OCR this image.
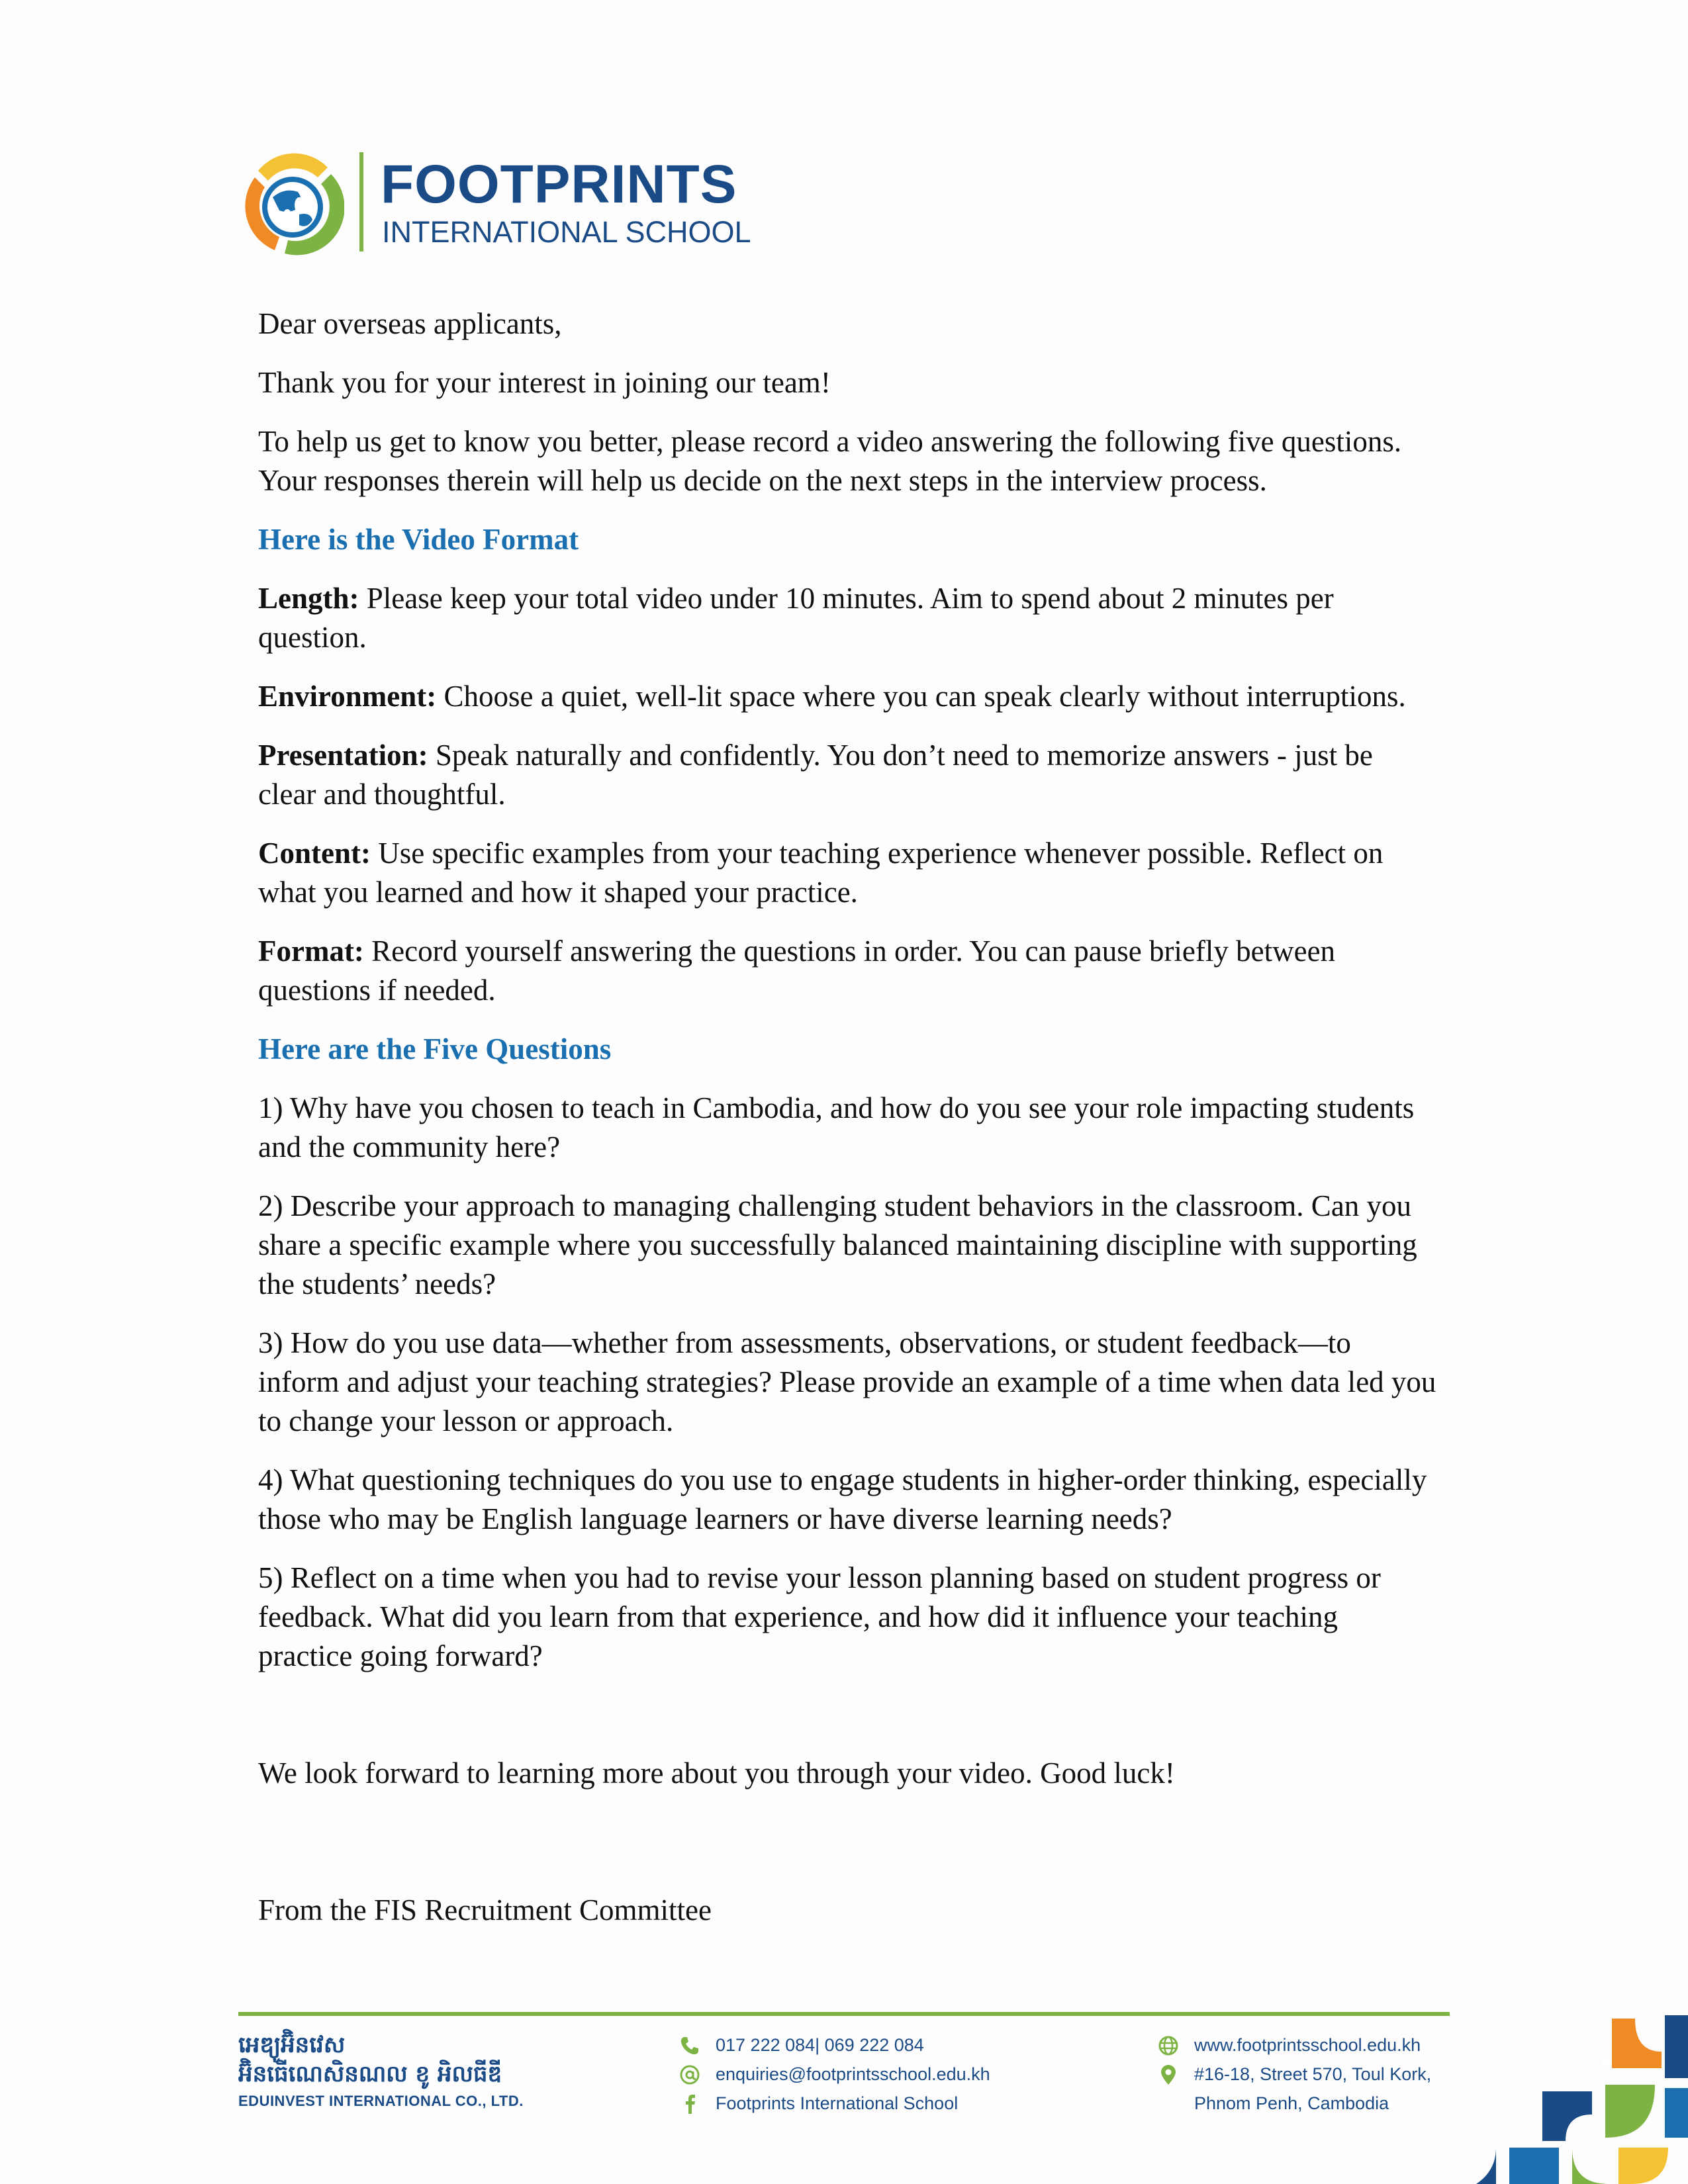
FOOTPRINTS
INTERNATIONAL SCHOOL

Dear overseas applicants,

Thank you for your interest in joining our team!

To help us get to know you better, please record a video answering the following five questions. Your responses therein will help us decide on the next steps in the interview process.

Here is the Video Format

Length: Please keep your total video under 10 minutes. Aim to spend about 2 minutes per question.

Environment: Choose a quiet, well-lit space where you can speak clearly without interruptions.

Presentation: Speak naturally and confidently. You don’t need to memorize answers - just be clear and thoughtful.

Content: Use specific examples from your teaching experience whenever possible. Reflect on what you learned and how it shaped your practice.

Format: Record yourself answering the questions in order. You can pause briefly between questions if needed.

Here are the Five Questions

1) Why have you chosen to teach in Cambodia, and how do you see your role impacting students and the community here?

2) Describe your approach to managing challenging student behaviors in the classroom. Can you share a specific example where you successfully balanced maintaining discipline with supporting the students’ needs?

3) How do you use data—whether from assessments, observations, or student feedback—to inform and adjust your teaching strategies? Please provide an example of a time when data led you to change your lesson or approach.

4) What questioning techniques do you use to engage students in higher-order thinking, especially those who may be English language learners or have diverse learning needs?

5) Reflect on a time when you had to revise your lesson planning based on student progress or feedback. What did you learn from that experience, and how did it influence your teaching practice going forward?

We look forward to learning more about you through your video. Good luck!

From the FIS Recruitment Committee

អេឌ្យូអ៊ិនវេស
អ៊ិនធើណេសិនណល ខូ អិលធីឌី
EDUINVEST INTERNATIONAL CO., LTD.
017 222 084| 069 222 084
enquiries@footprintsschool.edu.kh
Footprints International School
www.footprintsschool.edu.kh
#16-18, Street 570, Toul Kork,
Phnom Penh, Cambodia
